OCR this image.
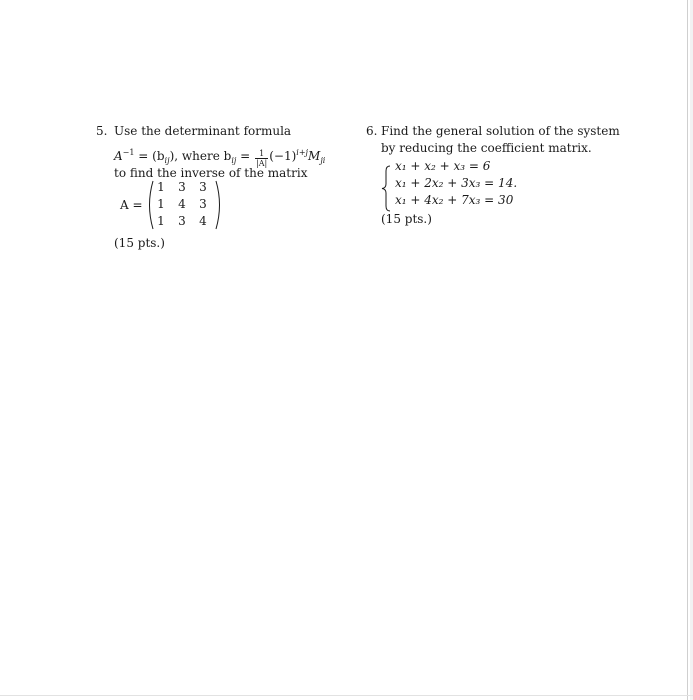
5. Use the determinant formula
$A^{-1} = (b_{ij})$, where $b_{ij} = \frac{1}{|A|} (-1)^{i+j}M_{ji}$
to find the inverse of the matrix
A =
1 3 3
1 4 3
1 3 4
(15 pts.)
6. Find the general solution of the system
by reducing the coefficient matrix.
x₁ + x₂ + x₃ = 6
x₁ + 2x₂ + 3x₃ = 14.
x₁ + 4x₂ + 7x₃ = 30
(15 pts.)
